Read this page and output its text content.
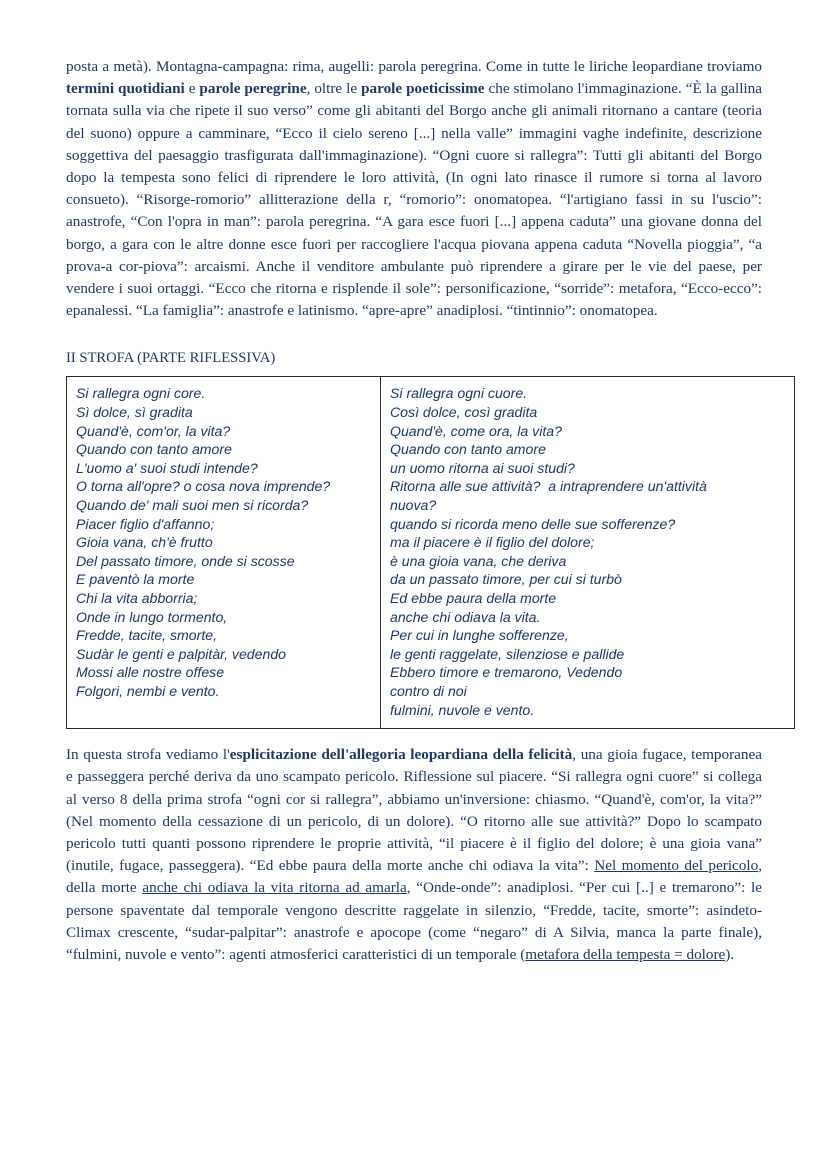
posta a metà). Montagna-campagna: rima, augelli: parola peregrina. Come in tutte le liriche leopardiane troviamo termini quotidiani e parole peregrine, oltre le parole poeticissime che stimolano l'immaginazione. “È la gallina tornata sulla via che ripete il suo verso” come gli abitanti del Borgo anche gli animali ritornano a cantare (teoria del suono) oppure a camminare, “Ecco il cielo sereno [...] nella valle” immagini vaghe indefinite, descrizione soggettiva del paesaggio trasfigurata dall'immaginazione). “Ogni cuore si rallegra”: Tutti gli abitanti del Borgo dopo la tempesta sono felici di riprendere le loro attività, (In ogni lato rinasce il rumore si torna al lavoro consueto). “Risorge-romorio” allitterazione della r, “romorio”: onomatopea. “l'artigiano fassi in su l'uscio”: anastrofe, “Con l'opra in man”: parola peregrina. “A gara esce fuori [...] appena caduta” una giovane donna del borgo, a gara con le altre donne esce fuori per raccogliere l'acqua piovana appena caduta “Novella pioggia”, “a prova-a cor-piova”: arcaismi. Anche il venditore ambulante può riprendere a girare per le vie del paese, per vendere i suoi ortaggi. “Ecco che ritorna e risplende il sole”: personificazione, “sorride”: metafora, “Ecco-ecco”: epanalessi. “La famiglia”: anastrofe e latinismo. “apre-apre” anadiplosi. “tintinnio”: onomatopea.

II STROFA (PARTE RIFLESSIVA)
Si rallegra ogni core.
Sì dolce, sì gradita
Quand'è, com'or, la vita?
Quando con tanto amore
L'uomo a' suoi studi intende?
O torna all'opre? o cosa nova imprende?
Quando de' mali suoi men si ricorda?
Piacer figlio d'affanno;
Gioia vana, ch'è frutto
Del passato timore, onde si scosse
E paventò la morte
Chi la vita abborria;
Onde in lungo tormento,
Fredde, tacite, smorte,
Sudàr le genti e palpitàr, vedendo
Mossi alle nostre offese
Folgori, nembi e vento.

Si rallegra ogni cuore.
Così dolce, così gradita
Quand'è, come ora, la vita?
Quando con tanto amore
un uomo ritorna ai suoi studi?
Ritorna alle sue attività?  a intraprendere un'attività
nuova?
quando si ricorda meno delle sue sofferenze?
ma il piacere è il figlio del dolore;
è una gioia vana, che deriva
da un passato timore, per cui si turbò
Ed ebbe paura della morte
anche chi odiava la vita.
Per cui in lunghe sofferenze,
le genti raggelate, silenziose e pallide
Ebbero timore e tremarono, Vedendo
contro di noi
fulmini, nuvole e vento.

In questa strofa vediamo l'esplicitazione dell'allegoria leopardiana della felicità, una gioia fugace, temporanea e passeggera perché deriva da uno scampato pericolo. Riflessione sul piacere. “Si rallegra ogni cuore” si collega al verso 8 della prima strofa “ogni cor si rallegra”, abbiamo un'inversione: chiasmo. “Quand'è, com'or, la vita?” (Nel momento della cessazione di un pericolo, di un dolore). “O ritorno alle sue attività?” Dopo lo scampato pericolo tutti quanti possono riprendere le proprie attività, “il piacere è il figlio del dolore; è una gioia vana” (inutile, fugace, passeggera). “Ed ebbe paura della morte anche chi odiava la vita”: Nel momento del pericolo, della morte anche chi odiava la vita ritorna ad amarla, “Onde-onde”: anadiplosi. “Per cui [..] e tremarono”: le persone spaventate dal temporale vengono descritte raggelate in silenzio, “Fredde, tacite, smorte”: asindeto-Climax crescente, “sudar-palpitar”: anastrofe e apocope (come “negaro” di A Silvia, manca la parte finale), “fulmini, nuvole e vento”: agenti atmosferici caratteristici di un temporale (metafora della tempesta = dolore).
